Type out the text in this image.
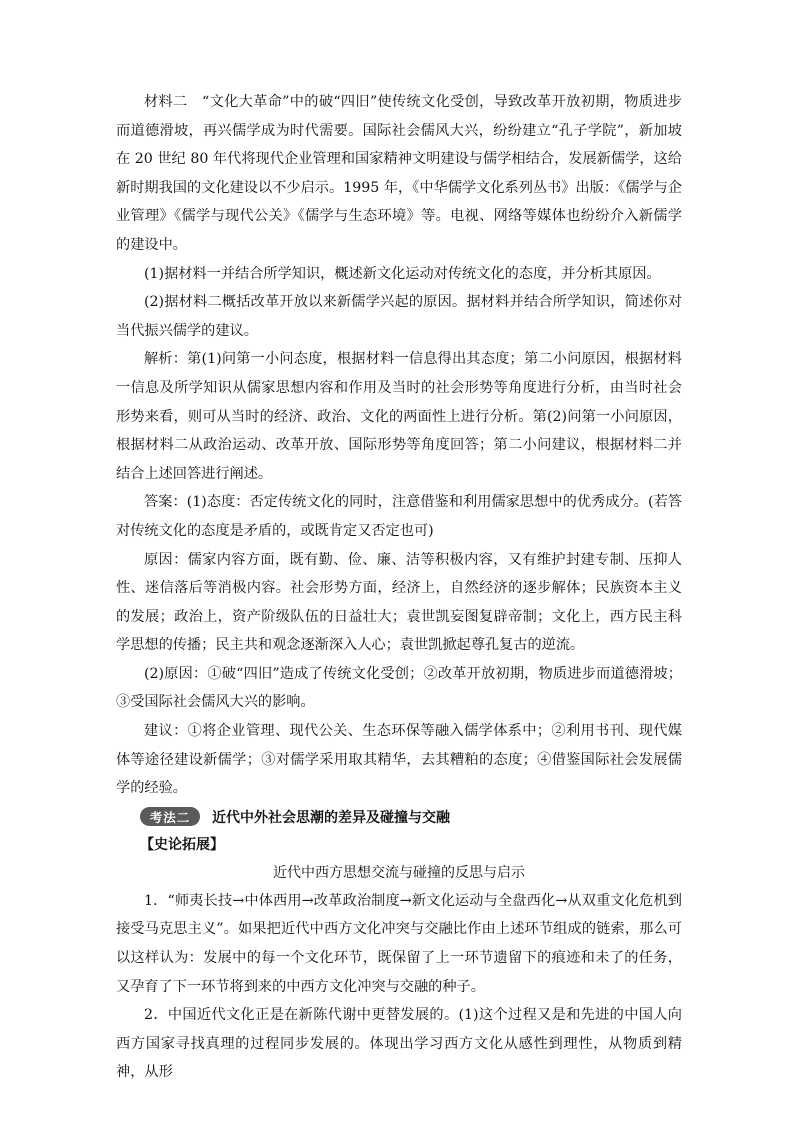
材料二　“文化大革命”中的破“四旧”使传统文化受创，导致改革开放初期，物质进步而道德滑坡，再兴儒学成为时代需要。国际社会儒风大兴，纷纷建立“孔子学院”，新加坡在 20 世纪 80 年代将现代企业管理和国家精神文明建设与儒学相结合，发展新儒学，这给新时期我国的文化建设以不少启示。1995 年，《中华儒学文化系列丛书》出版：《儒学与企业管理》《儒学与现代公关》《儒学与生态环境》等。电视、网络等媒体也纷纷介入新儒学的建设中。

(1)据材料一并结合所学知识，概述新文化运动对传统文化的态度，并分析其原因。

(2)据材料二概括改革开放以来新儒学兴起的原因。据材料并结合所学知识，简述你对当代振兴儒学的建议。

解析：第(1)问第一小问态度，根据材料一信息得出其态度；第二小问原因，根据材料一信息及所学知识从儒家思想内容和作用及当时的社会形势等角度进行分析，由当时社会形势来看，则可从当时的经济、政治、文化的两面性上进行分析。第(2)问第一小问原因，根据材料二从政治运动、改革开放、国际形势等角度回答；第二小问建议，根据材料二并结合上述回答进行阐述。

答案：(1)态度：否定传统文化的同时，注意借鉴和利用儒家思想中的优秀成分。(若答对传统文化的态度是矛盾的，或既肯定又否定也可)

原因：儒家内容方面，既有勤、俭、廉、洁等积极内容，又有维护封建专制、压抑人性、迷信落后等消极内容。社会形势方面，经济上，自然经济的逐步解体；民族资本主义的发展；政治上，资产阶级队伍的日益壮大；袁世凯妄图复辟帝制；文化上，西方民主科学思想的传播；民主共和观念逐渐深入人心；袁世凯掀起尊孔复古的逆流。

(2)原因：①破“四旧”造成了传统文化受创；②改革开放初期，物质进步而道德滑坡；③受国际社会儒风大兴的影响。

建议：①将企业管理、现代公关、生态环保等融入儒学体系中；②利用书刊、现代媒体等途径建设新儒学；③对儒学采用取其精华，去其糟粕的态度；④借鉴国际社会发展儒学的经验。

考法二	近代中外社会思潮的差异及碰撞与交融

【史论拓展】

近代中西方思想交流与碰撞的反思与启示

1．“师夷长技→中体西用→改革政治制度→新文化运动与全盘西化→从双重文化危机到接受马克思主义”。如果把近代中西方文化冲突与交融比作由上述环节组成的链索，那么可以这样认为：发展中的每一个文化环节，既保留了上一环节遗留下的痕迹和未了的任务，又孕育了下一环节将到来的中西方文化冲突与交融的种子。

2．中国近代文化正是在新陈代谢中更替发展的。(1)这个过程又是和先进的中国人向西方国家寻找真理的过程同步发展的。体现出学习西方文化从感性到理性，从物质到精神，从形
